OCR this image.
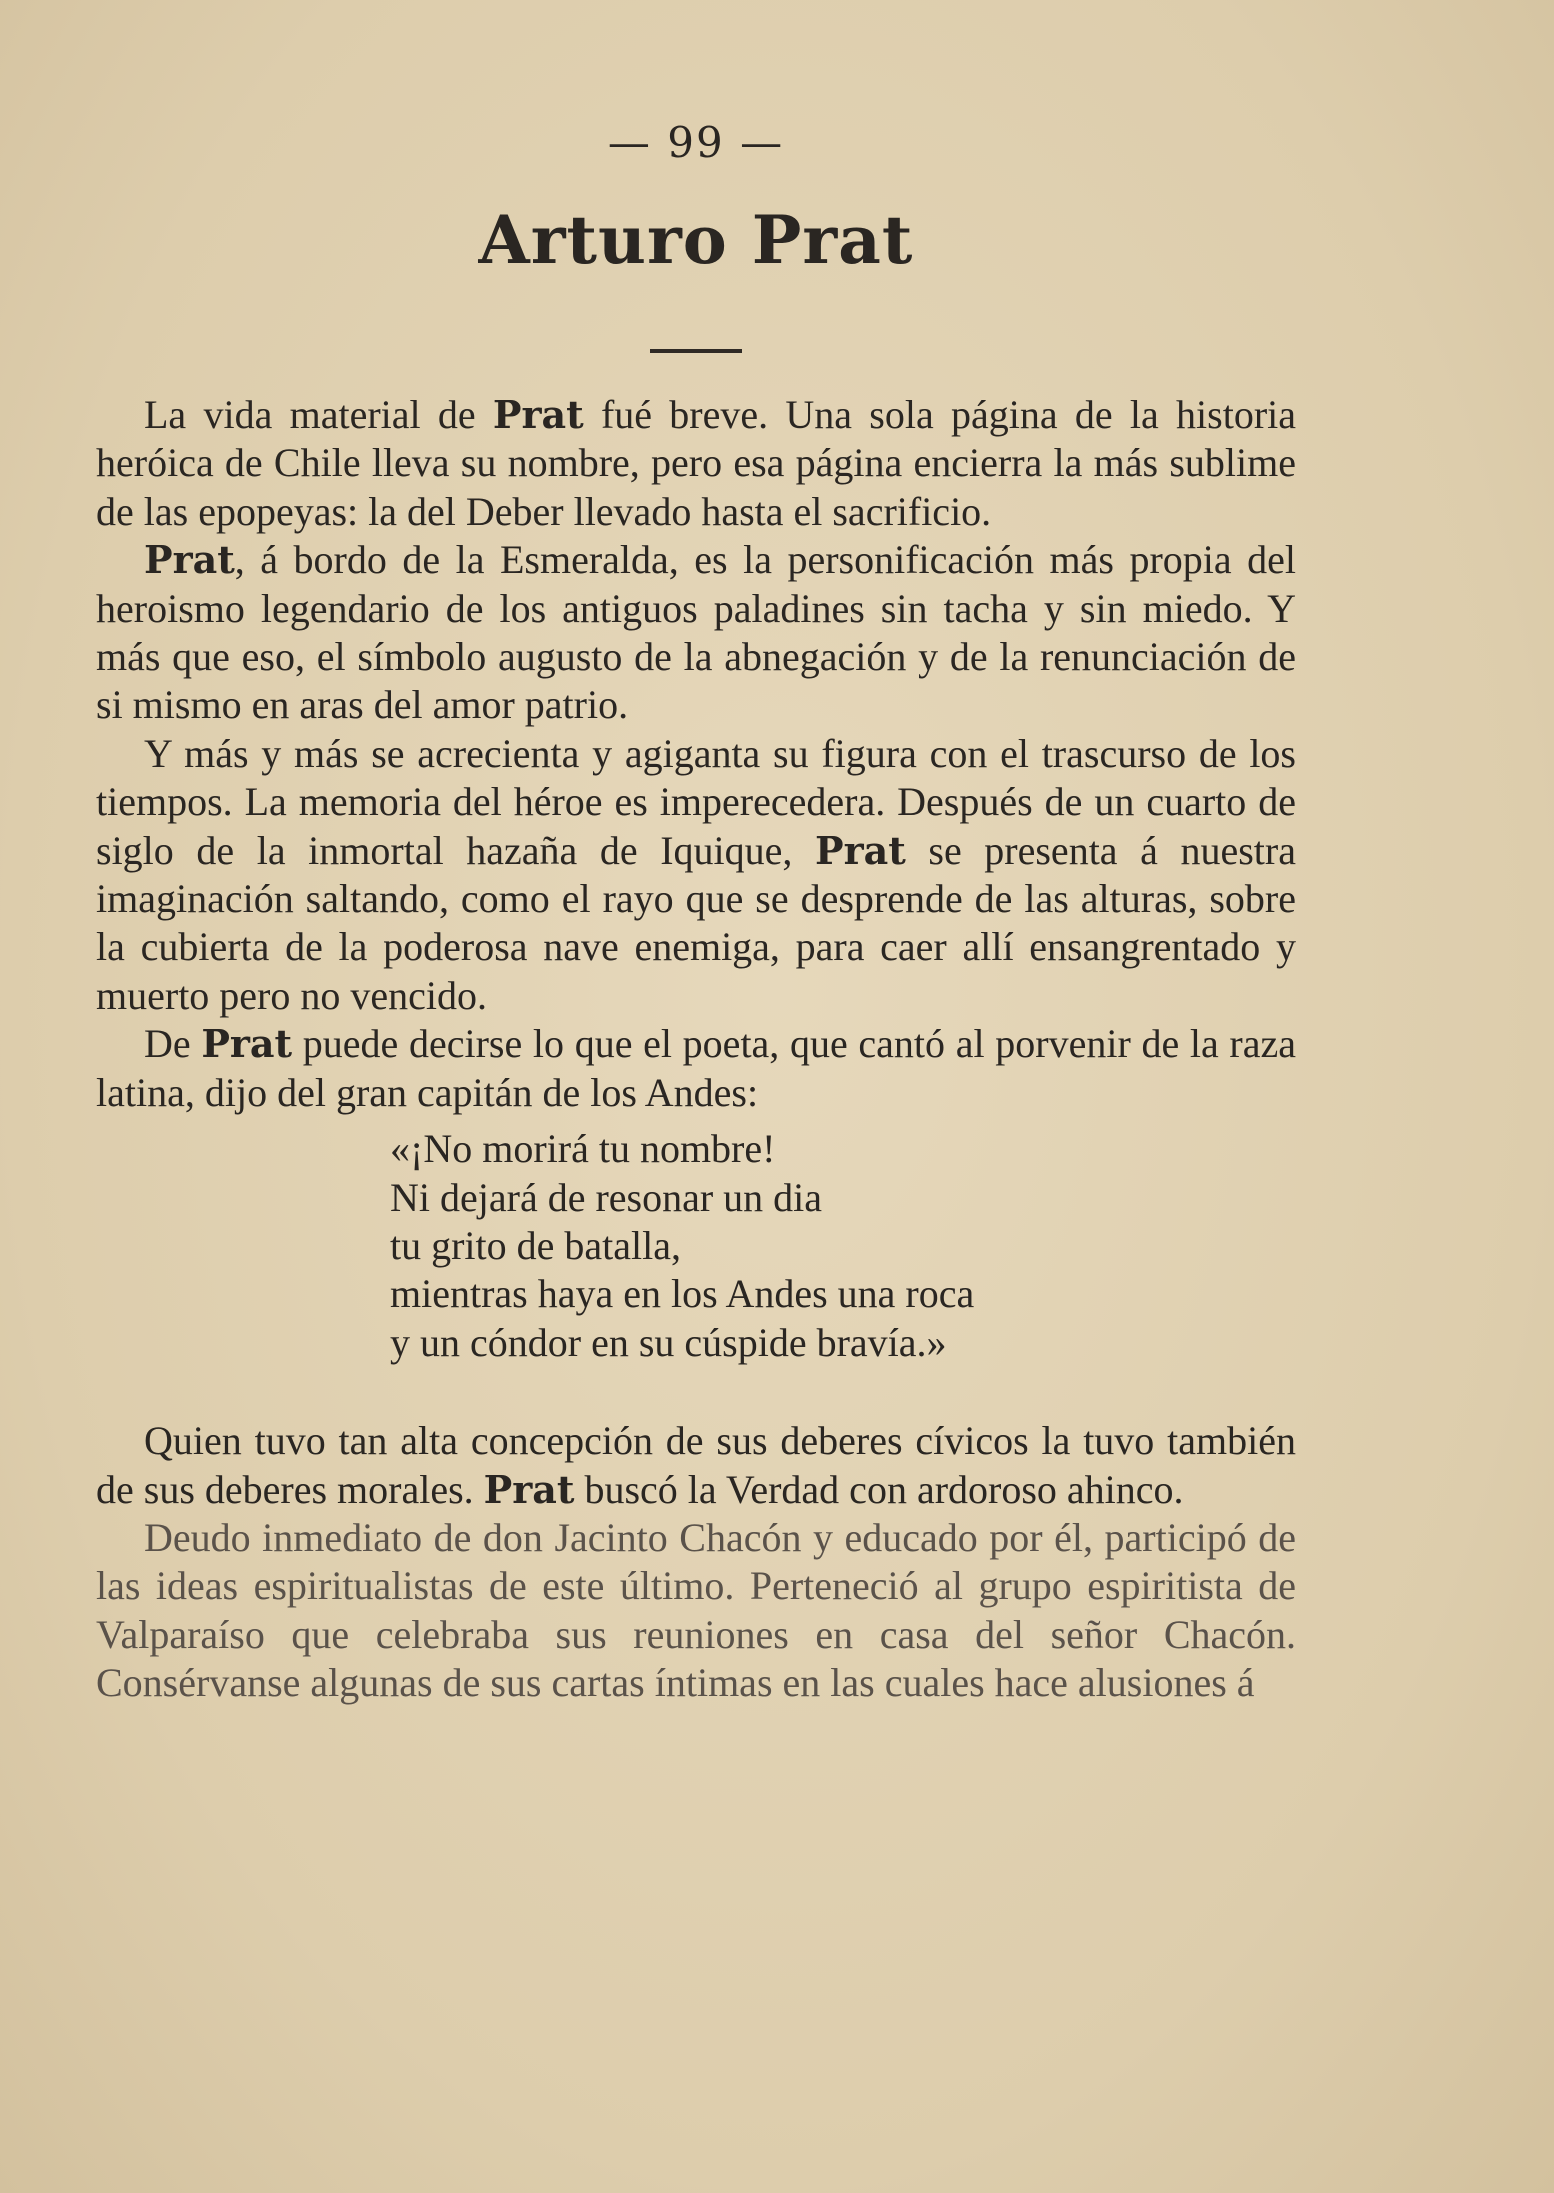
— 99 —
Arturo Prat

La vida material de Prat fué breve. Una sola página de la historia heróica de Chile lleva su nombre, pero esa página encierra la más sublime de las epopeyas: la del Deber llevado hasta el sacrificio.

Prat, á bordo de la Esmeralda, es la personificación más propia del heroismo legendario de los antiguos paladines sin tacha y sin miedo. Y más que eso, el símbolo augusto de la abnegación y de la renunciación de si mismo en aras del amor patrio.

Y más y más se acrecienta y agiganta su figura con el trascurso de los tiempos. La memoria del héroe es imperecedera. Después de un cuarto de siglo de la inmortal hazaña de Iquique, Prat se presenta á nuestra imaginación saltando, como el rayo que se desprende de las alturas, sobre la cubierta de la poderosa nave enemiga, para caer allí ensangrentado y muerto pero no vencido.

De Prat puede decirse lo que el poeta, que cantó al porvenir de la raza latina, dijo del gran capitán de los Andes:

«¡No morirá tu nombre!
Ni dejará de resonar un dia
tu grito de batalla,
mientras haya en los Andes una roca
y un cóndor en su cúspide bravía.»

Quien tuvo tan alta concepción de sus deberes cívicos la tuvo también de sus deberes morales. Prat buscó la Verdad con ardoroso ahinco.

Deudo inmediato de don Jacinto Chacón y educado por él, participó de las ideas espiritualistas de este último. Perteneció al grupo espiritista de Valparaíso que celebraba sus reuniones en casa del señor Chacón. Consérvanse algunas de sus cartas íntimas en las cuales hace alusiones á
